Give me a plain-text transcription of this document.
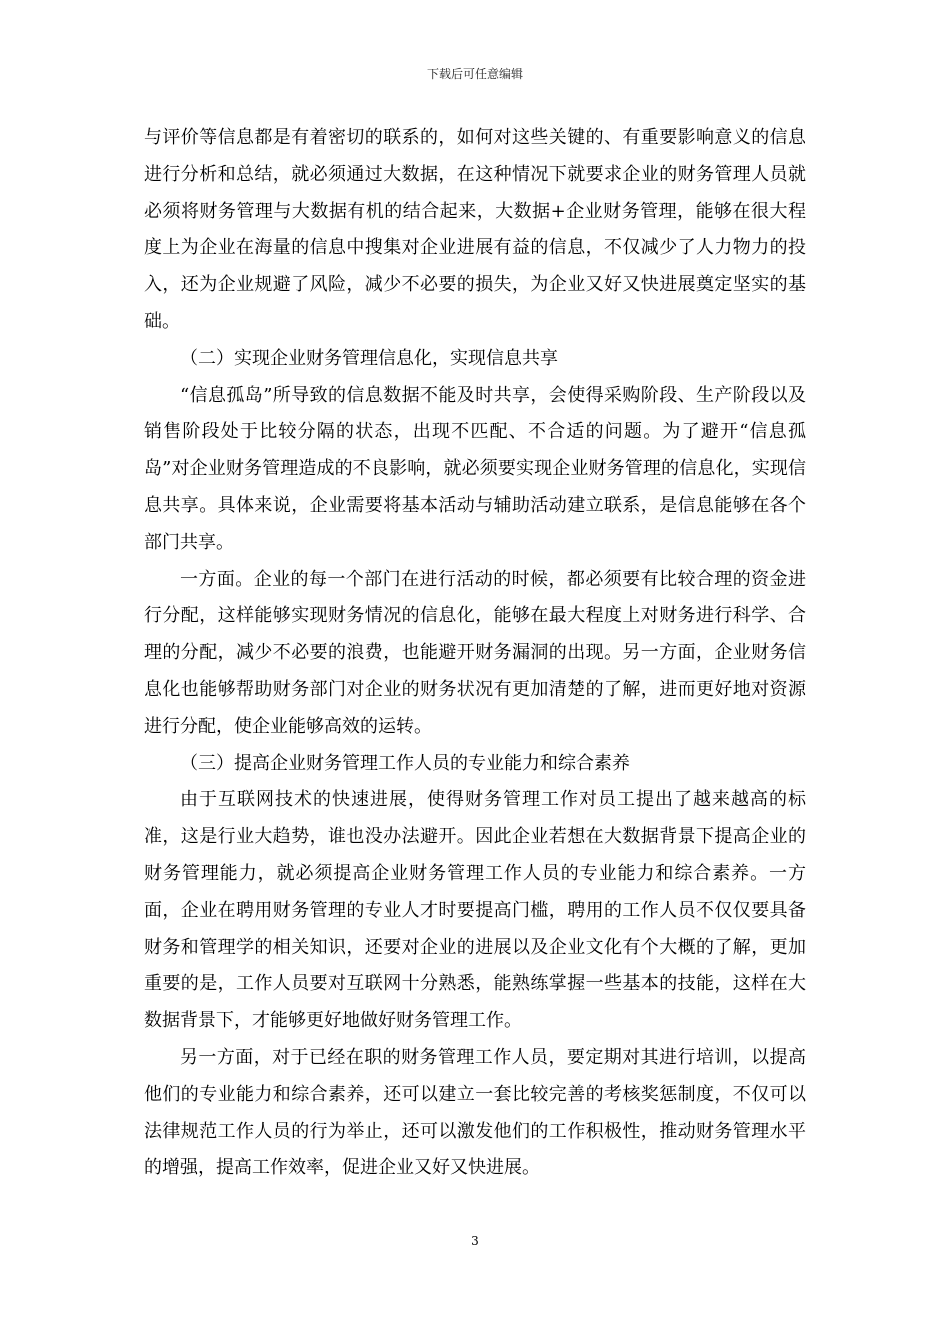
下载后可任意编辑

与评价等信息都是有着密切的联系的，如何对这些关键的、有重要影响意义的信息进行分析和总结，就必须通过大数据，在这种情况下就要求企业的财务管理人员就必须将财务管理与大数据有机的结合起来，大数据+企业财务管理，能够在很大程度上为企业在海量的信息中搜集对企业进展有益的信息，不仅减少了人力物力的投入，还为企业规避了风险，减少不必要的损失，为企业又好又快进展奠定坚实的基础。

（二）实现企业财务管理信息化，实现信息共享

“信息孤岛”所导致的信息数据不能及时共享，会使得采购阶段、生产阶段以及销售阶段处于比较分隔的状态，出现不匹配、不合适的问题。为了避开“信息孤岛”对企业财务管理造成的不良影响，就必须要实现企业财务管理的信息化，实现信息共享。具体来说，企业需要将基本活动与辅助活动建立联系，是信息能够在各个部门共享。

一方面。企业的每一个部门在进行活动的时候，都必须要有比较合理的资金进行分配，这样能够实现财务情况的信息化，能够在最大程度上对财务进行科学、合理的分配，减少不必要的浪费，也能避开财务漏洞的出现。另一方面，企业财务信息化也能够帮助财务部门对企业的财务状况有更加清楚的了解，进而更好地对资源进行分配，使企业能够高效的运转。

（三）提高企业财务管理工作人员的专业能力和综合素养

由于互联网技术的快速进展，使得财务管理工作对员工提出了越来越高的标准，这是行业大趋势，谁也没办法避开。因此企业若想在大数据背景下提高企业的财务管理能力，就必须提高企业财务管理工作人员的专业能力和综合素养。一方面，企业在聘用财务管理的专业人才时要提高门槛，聘用的工作人员不仅仅要具备财务和管理学的相关知识，还要对企业的进展以及企业文化有个大概的了解，更加重要的是，工作人员要对互联网十分熟悉，能熟练掌握一些基本的技能，这样在大数据背景下，才能够更好地做好财务管理工作。

另一方面，对于已经在职的财务管理工作人员，要定期对其进行培训，以提高他们的专业能力和综合素养，还可以建立一套比较完善的考核奖惩制度，不仅可以法律规范工作人员的行为举止，还可以激发他们的工作积极性，推动财务管理水平的增强，提高工作效率，促进企业又好又快进展。

3
